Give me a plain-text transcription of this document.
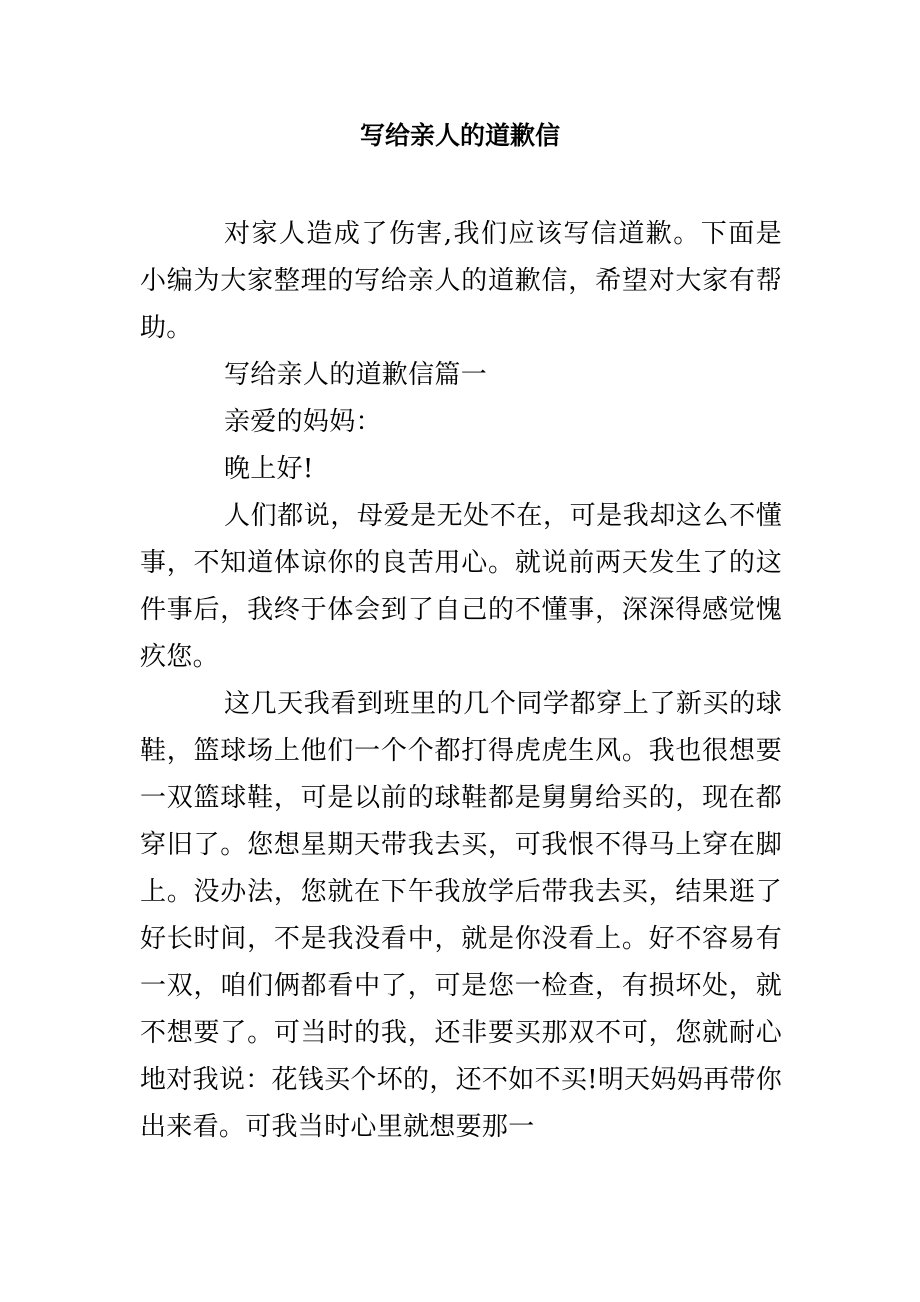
写给亲人的道歉信

对家人造成了伤害,我们应该写信道歉。下面是小编为大家整理的写给亲人的道歉信，希望对大家有帮助。

写给亲人的道歉信篇一

亲爱的妈妈：

晚上好!

人们都说，母爱是无处不在，可是我却这么不懂事，不知道体谅你的良苦用心。就说前两天发生了的这件事后，我终于体会到了自己的不懂事，深深得感觉愧疚您。

这几天我看到班里的几个同学都穿上了新买的球鞋，篮球场上他们一个个都打得虎虎生风。我也很想要一双篮球鞋，可是以前的球鞋都是舅舅给买的，现在都穿旧了。您想星期天带我去买，可我恨不得马上穿在脚上。没办法，您就在下午我放学后带我去买，结果逛了好长时间，不是我没看中，就是你没看上。好不容易有一双，咱们俩都看中了，可是您一检查，有损坏处，就不想要了。可当时的我，还非要买那双不可，您就耐心地对我说：花钱买个坏的，还不如不买!明天妈妈再带你出来看。可我当时心里就想要那一
